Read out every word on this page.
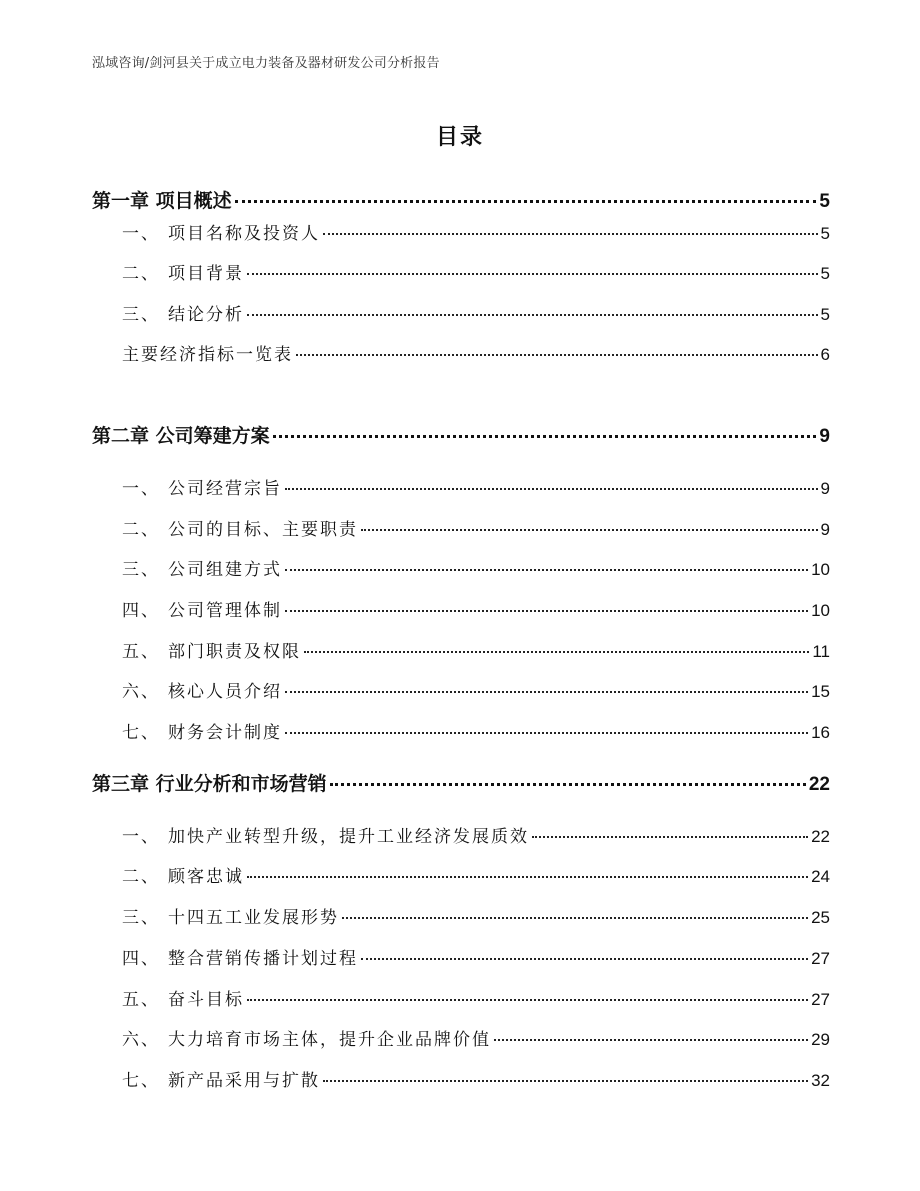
泓域咨询/剑河县关于成立电力装备及器材研发公司分析报告
目录
第一章 项目概述	5
一、 项目名称及投资人	5
二、 项目背景	5
三、 结论分析	5
主要经济指标一览表	6
第二章 公司筹建方案	9
一、 公司经营宗旨	9
二、 公司的目标、主要职责	9
三、 公司组建方式	10
四、 公司管理体制	10
五、 部门职责及权限	11
六、 核心人员介绍	15
七、 财务会计制度	16
第三章 行业分析和市场营销	22
一、 加快产业转型升级，提升工业经济发展质效	22
二、 顾客忠诚	24
三、 十四五工业发展形势	25
四、 整合营销传播计划过程	27
五、 奋斗目标	27
六、 大力培育市场主体，提升企业品牌价值	29
七、 新产品采用与扩散	32
